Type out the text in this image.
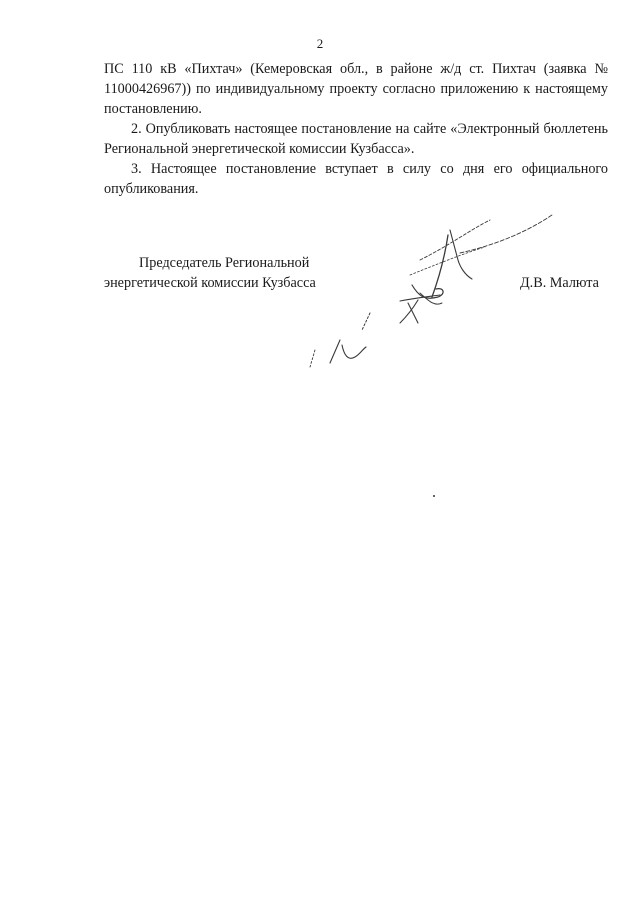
2

ПС 110 кВ «Пихтач» (Кемеровская обл., в районе ж/д ст. Пихтач (заявка № 11000426967)) по индивидуальному проекту согласно приложению к настоящему постановлению.

2. Опубликовать настоящее постановление на сайте «Электронный бюллетень Региональной энергетической комиссии Кузбасса».

3. Настоящее постановление вступает в силу со дня его официального опубликования.

Председатель Региональной
энергетической комиссии Кузбасса	Д.В. Малюта
